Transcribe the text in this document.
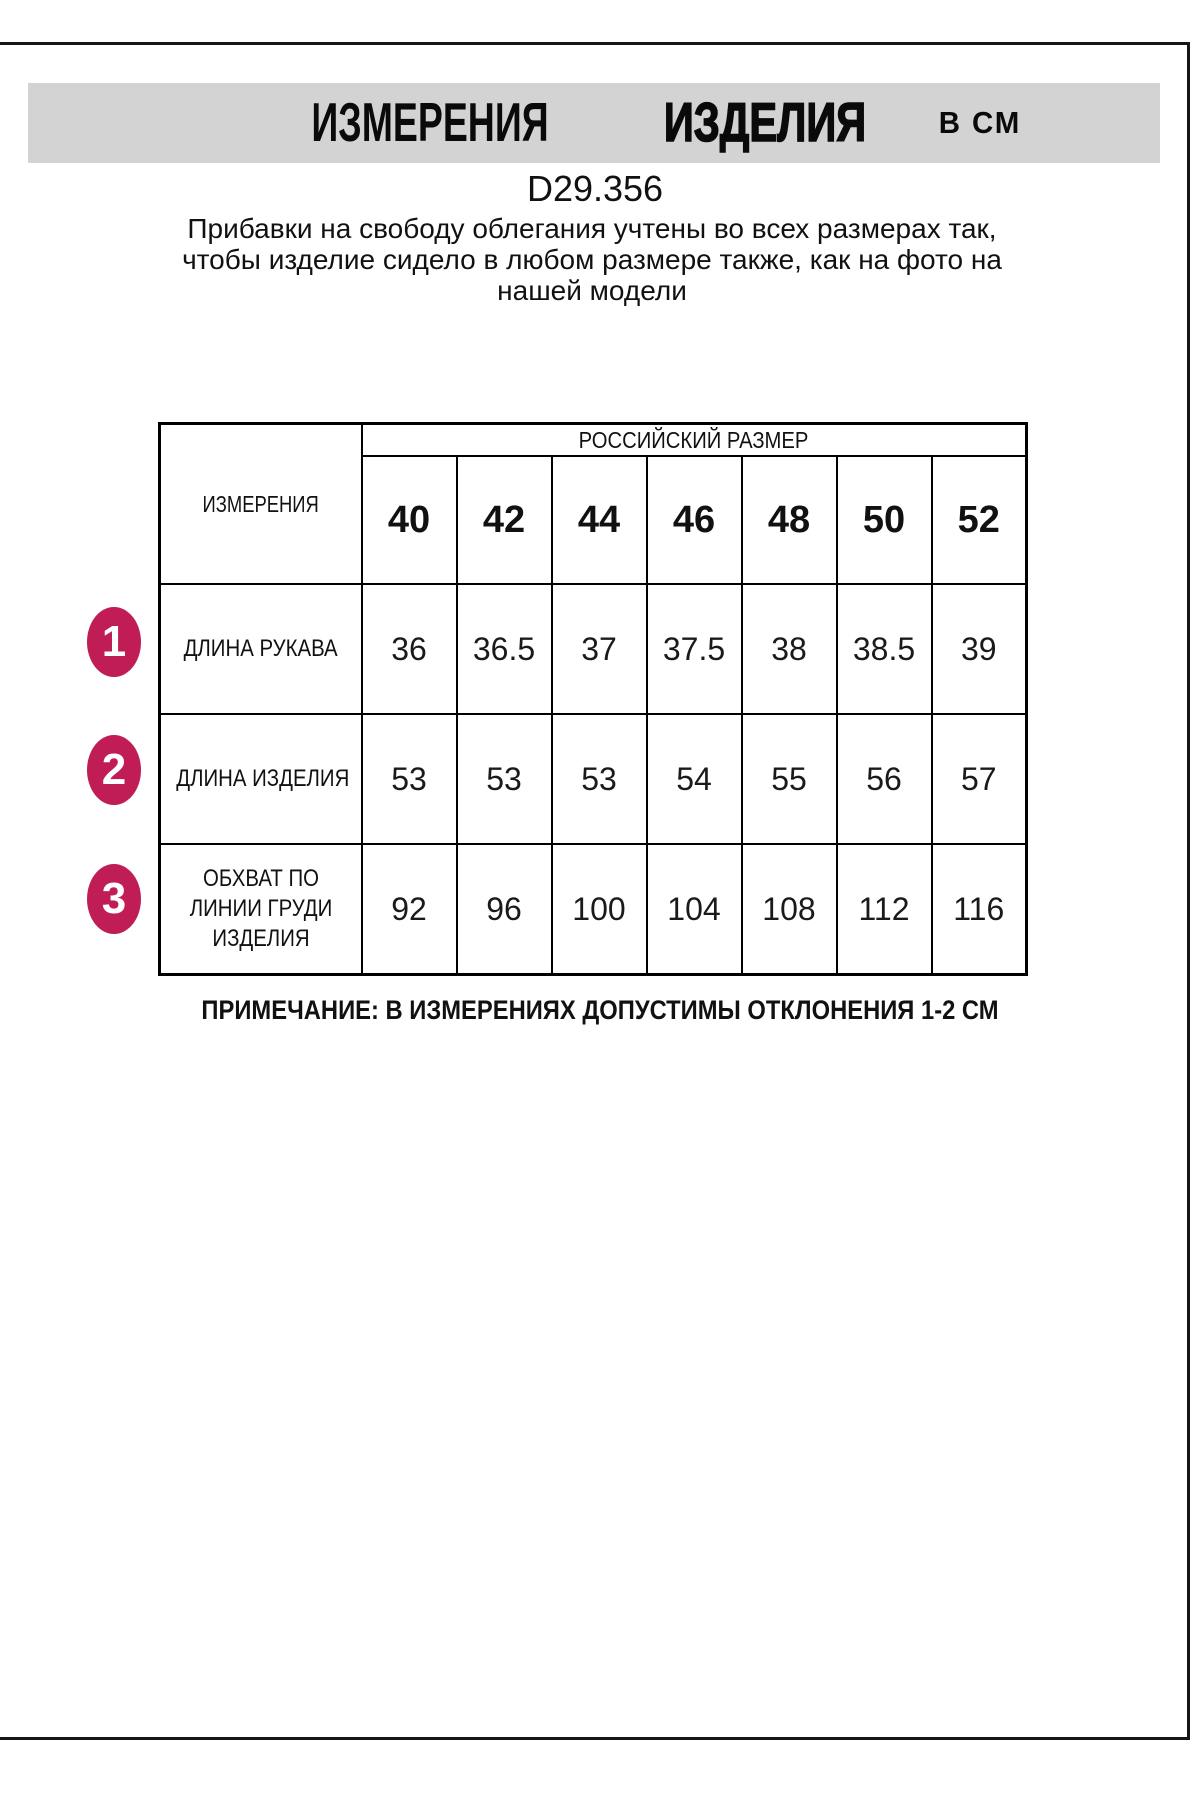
ИЗМЕРЕНИЯ	ИЗДЕЛИЯ	В СМ
D29.356
Прибавки на свободу облегания учтены во всех размерах так,
чтобы изделие сидело в любом размере также, как на фото на
нашей модели
ИЗМЕРЕНИЯ	РОССИЙСКИЙ РАЗМЕР						
	40	42	44	46	48	50	52
ДЛИНА РУКАВА	36	36.5	37	37.5	38	38.5	39
ДЛИНА ИЗДЕЛИЯ	53	53	53	54	55	56	57
ОБХВАТ ПО ЛИНИИ ГРУДИ ИЗДЕЛИЯ	92	96	100	104	108	112	116
1
2
3
ПРИМЕЧАНИЕ: В ИЗМЕРЕНИЯХ ДОПУСТИМЫ ОТКЛОНЕНИЯ 1-2 СМ
